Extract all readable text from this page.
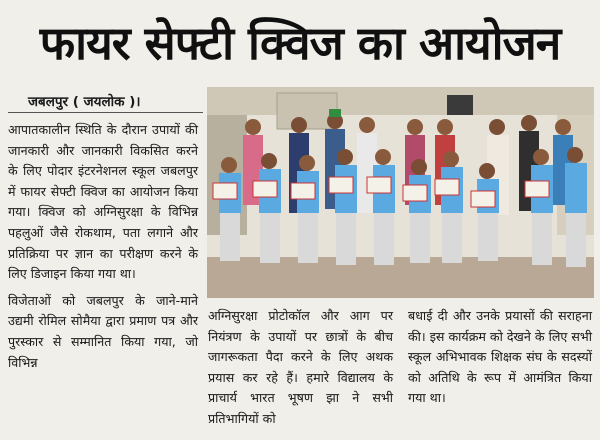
फायर सेफ्टी क्विज का आयोजन
जबलपुर ( जयलोक )।

आपातकालीन स्थिति के दौरान उपायों की जानकारी और जानकारी विकसित करने के लिए पोदार इंटरनेशनल स्कूल जबलपुर में फायर सेफ्टी क्विज का आयोजन किया गया। क्विज को अग्निसुरक्षा के विभिन्न पहलुओं जैसे रोकथाम, पता लगाने और प्रतिक्रिया पर ज्ञान का परीक्षण करने के लिए डिजाइन किया गया था।

विजेताओं को जबलपुर के जाने-माने उद्यमी रोमिल सोमैया द्वारा प्रमाण पत्र और पुरस्कार से सम्मानित किया गया, जो विभिन्न

अग्निसुरक्षा प्रोटोकॉल और आग पर नियंत्रण के उपायों पर छात्रों के बीच जागरूकता पैदा करने के लिए अथक प्रयास कर रहे हैं। हमारे विद्यालय के प्राचार्य भारत भूषण झा ने सभी प्रतिभागियों को

बधाई दी और उनके प्रयासों की सराहना की। इस कार्यक्रम को देखने के लिए सभी स्कूल अभिभावक शिक्षक संघ के सदस्यों को अतिथि के रूप में आमंत्रित किया गया था।
